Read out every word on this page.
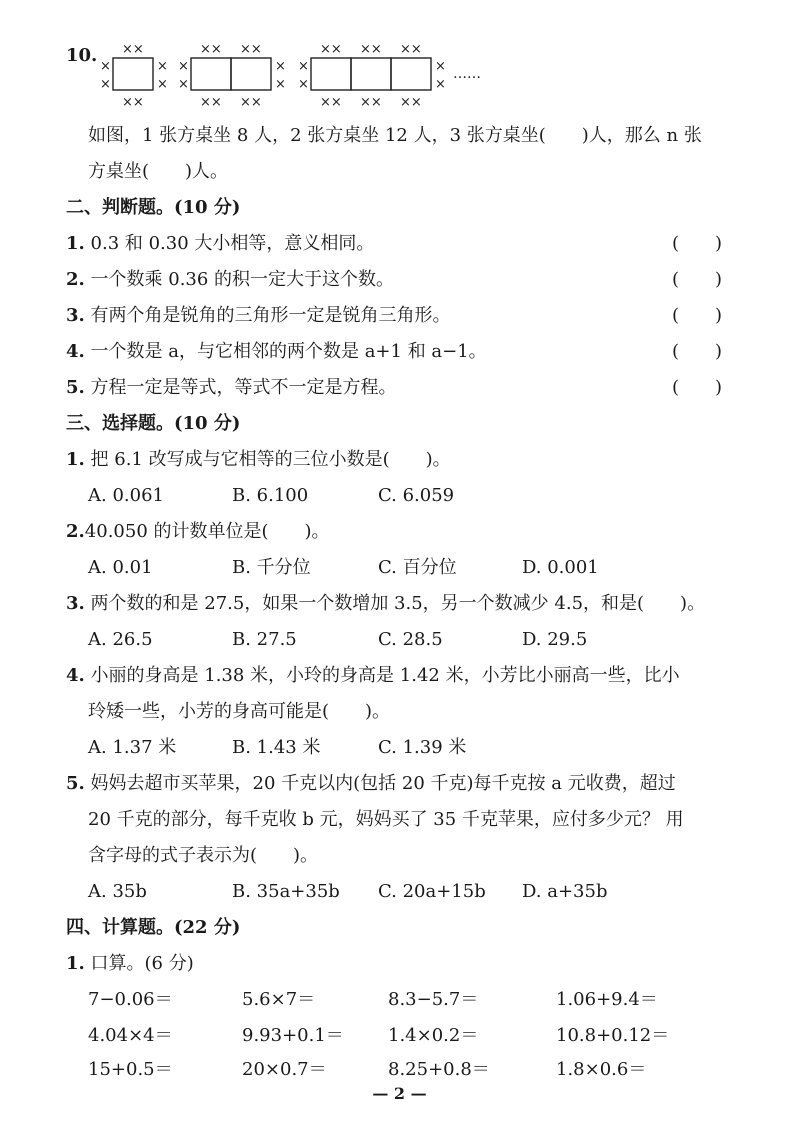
10. ××
××
×
×
×
×
×× ××
×× ××
×
×
×
×
×× ×× ××
×× ×× ××
×
×
×
×
……
如图，1 张方桌坐 8 人，2 张方桌坐 12 人，3 张方桌坐(　　)人，那么 n 张
方桌坐(　　)人。
二、判断题。(10 分)
1. 0.3 和 0.30 大小相等，意义相同。	(　　)
2. 一个数乘 0.36 的积一定大于这个数。	(　　)
3. 有两个角是锐角的三角形一定是锐角三角形。	(　　)
4. 一个数是 a，与它相邻的两个数是 a+1 和 a−1。	(　　)
5. 方程一定是等式，等式不一定是方程。	(　　)
三、选择题。(10 分)
1. 把 6.1 改写成与它相等的三位小数是(　　)。
A. 0.061	B. 6.100	C. 6.059
2.40.050 的计数单位是(　　)。
A. 0.01	B. 千分位	C. 百分位	D. 0.001
3. 两个数的和是 27.5，如果一个数增加 3.5，另一个数减少 4.5，和是(　　)。
A. 26.5	B. 27.5	C. 28.5	D. 29.5
4. 小丽的身高是 1.38 米，小玲的身高是 1.42 米，小芳比小丽高一些，比小
玲矮一些，小芳的身高可能是(　　)。
A. 1.37 米	B. 1.43 米	C. 1.39 米
5. 妈妈去超市买苹果，20 千克以内(包括 20 千克)每千克按 a 元收费，超过
20 千克的部分，每千克收 b 元，妈妈买了 35 千克苹果，应付多少元？ 用
含字母的式子表示为(　　)。
A. 35b	B. 35a+35b C. 20a+15b D. a+35b
四、计算题。(22 分)
1. 口算。(6 分)
7−0.06＝	5.6×7＝	8.3−5.7＝	1.06+9.4＝
4.04×4＝	9.93+0.1＝ 1.4×0.2＝	10.8+0.12＝
15+0.5＝	20×0.7＝	8.25+0.8＝	1.8×0.6＝
— 2 —
